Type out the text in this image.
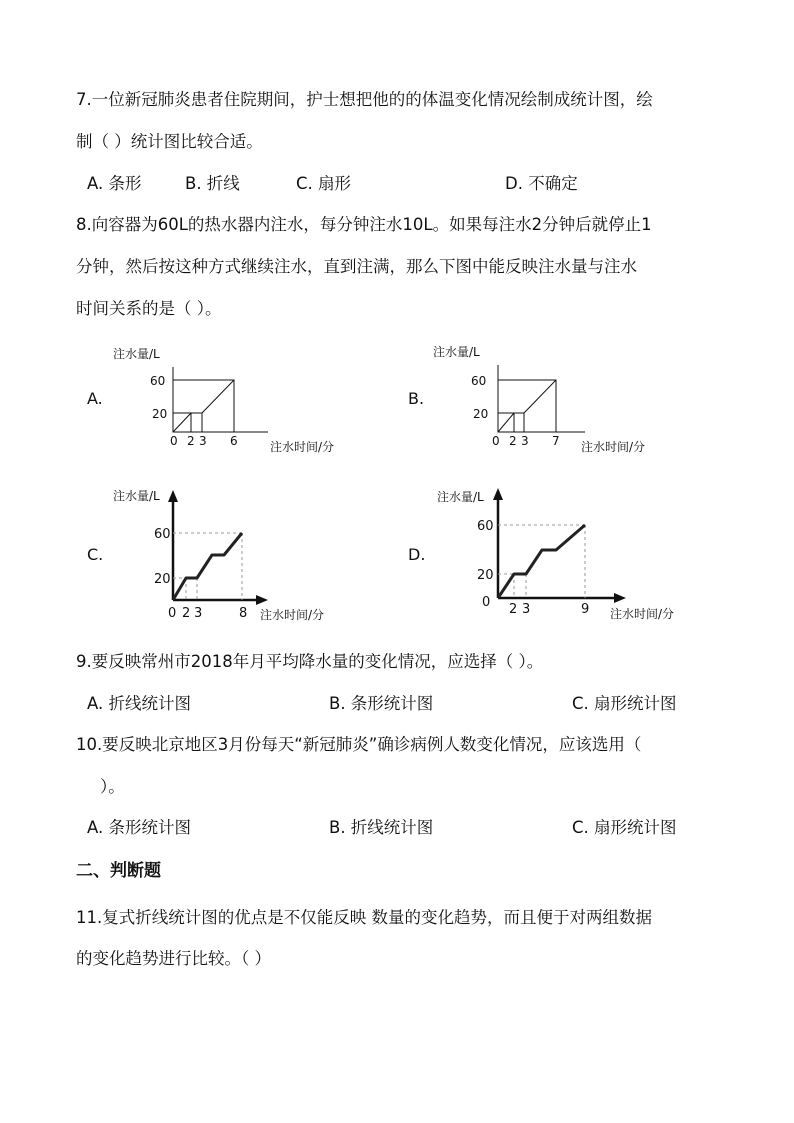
7.一位新冠肺炎患者住院期间，护士想把他的的体温变化情况绘制成统计图，绘
制（ ）统计图比较合适。
A. 条形	B. 折线	C. 扇形	D. 不确定
8.向容器为60L的热水器内注水，每分钟注水10L。如果每注水2分钟后就停止1
分钟，然后按这种方式继续注水，直到注满，那么下图中能反映注水量与注水
时间关系的是（ ）。
A.
注水量/L
60
20
0 2 3 6	注水时间/分
B.
注水量/L
60
20
0 2 3 7 注水时间/分
C.
注水量/L
60
20
0 2 3	8 注水时间/分
D.
注水量/L
60
20
0 2 3	9 注水时间/分
9.要反映常州市2018年月平均降水量的变化情况，应选择（ ）。
A. 折线统计图	B. 条形统计图	C. 扇形统计图
10.要反映北京地区3月份每天“新冠肺炎”确诊病例人数变化情况，应该选用（
）。
A. 条形统计图	B. 折线统计图	C. 扇形统计图
二、判断题
11.复式折线统计图的优点是不仅能反映 数量的变化趋势，而且便于对两组数据
的变化趋势进行比较。（ ）
